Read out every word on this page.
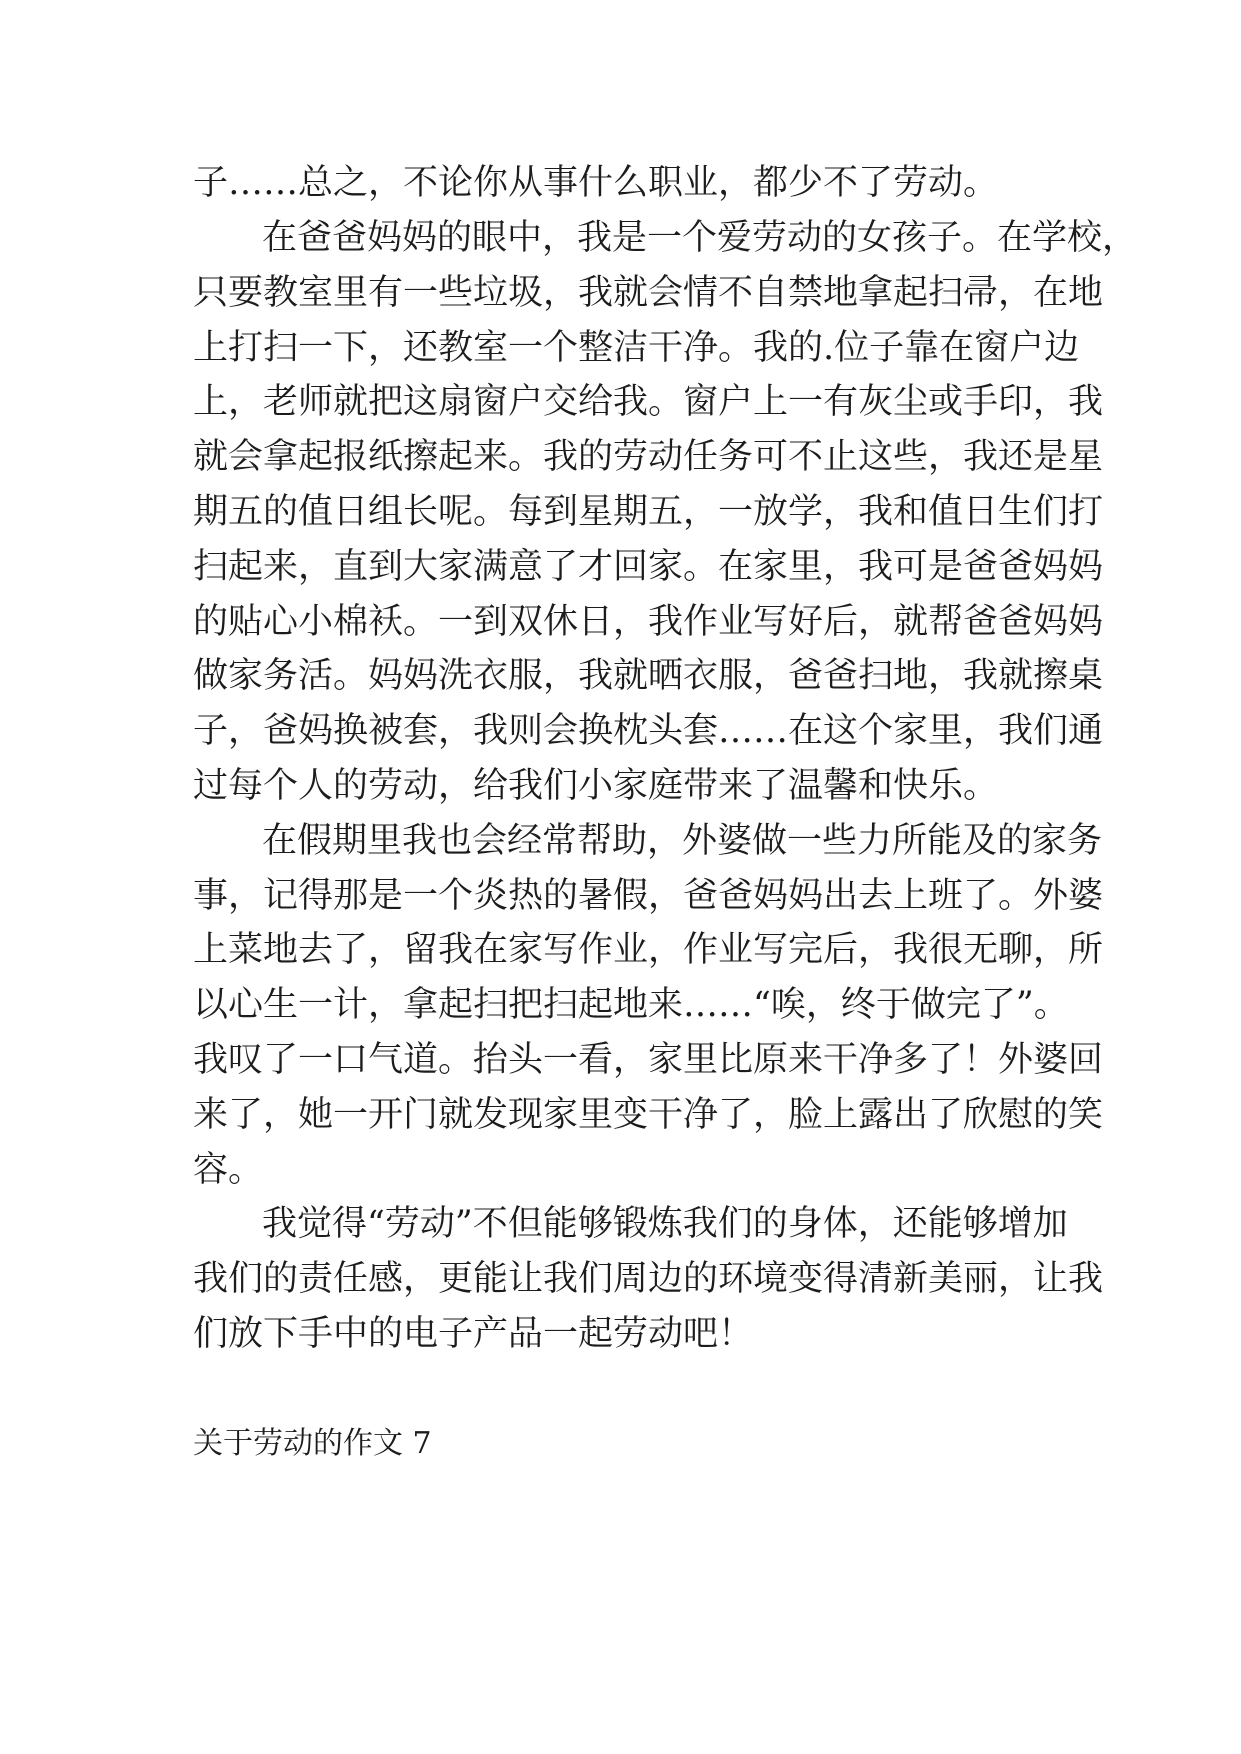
子……总之，不论你从事什么职业，都少不了劳动。
在爸爸妈妈的眼中，我是一个爱劳动的女孩子。在学校，
只要教室里有一些垃圾，我就会情不自禁地拿起扫帚，在地
上打扫一下，还教室一个整洁干净。我的.位子靠在窗户边
上，老师就把这扇窗户交给我。窗户上一有灰尘或手印，我
就会拿起报纸擦起来。我的劳动任务可不止这些，我还是星
期五的值日组长呢。每到星期五，一放学，我和值日生们打
扫起来，直到大家满意了才回家。在家里，我可是爸爸妈妈
的贴心小棉袄。一到双休日，我作业写好后，就帮爸爸妈妈
做家务活。妈妈洗衣服，我就晒衣服，爸爸扫地，我就擦桌
子，爸妈换被套，我则会换枕头套……在这个家里，我们通
过每个人的劳动，给我们小家庭带来了温馨和快乐。
在假期里我也会经常帮助，外婆做一些力所能及的家务
事，记得那是一个炎热的暑假，爸爸妈妈出去上班了。外婆
上菜地去了，留我在家写作业，作业写完后，我很无聊，所
以心生一计，拿起扫把扫起地来……“唉，终于做完了”。
我叹了一口气道。抬头一看，家里比原来干净多了！外婆回
来了，她一开门就发现家里变干净了，脸上露出了欣慰的笑
容。
我觉得“劳动”不但能够锻炼我们的身体，还能够增加
我们的责任感，更能让我们周边的环境变得清新美丽，让我
们放下手中的电子产品一起劳动吧！
关于劳动的作文 7
